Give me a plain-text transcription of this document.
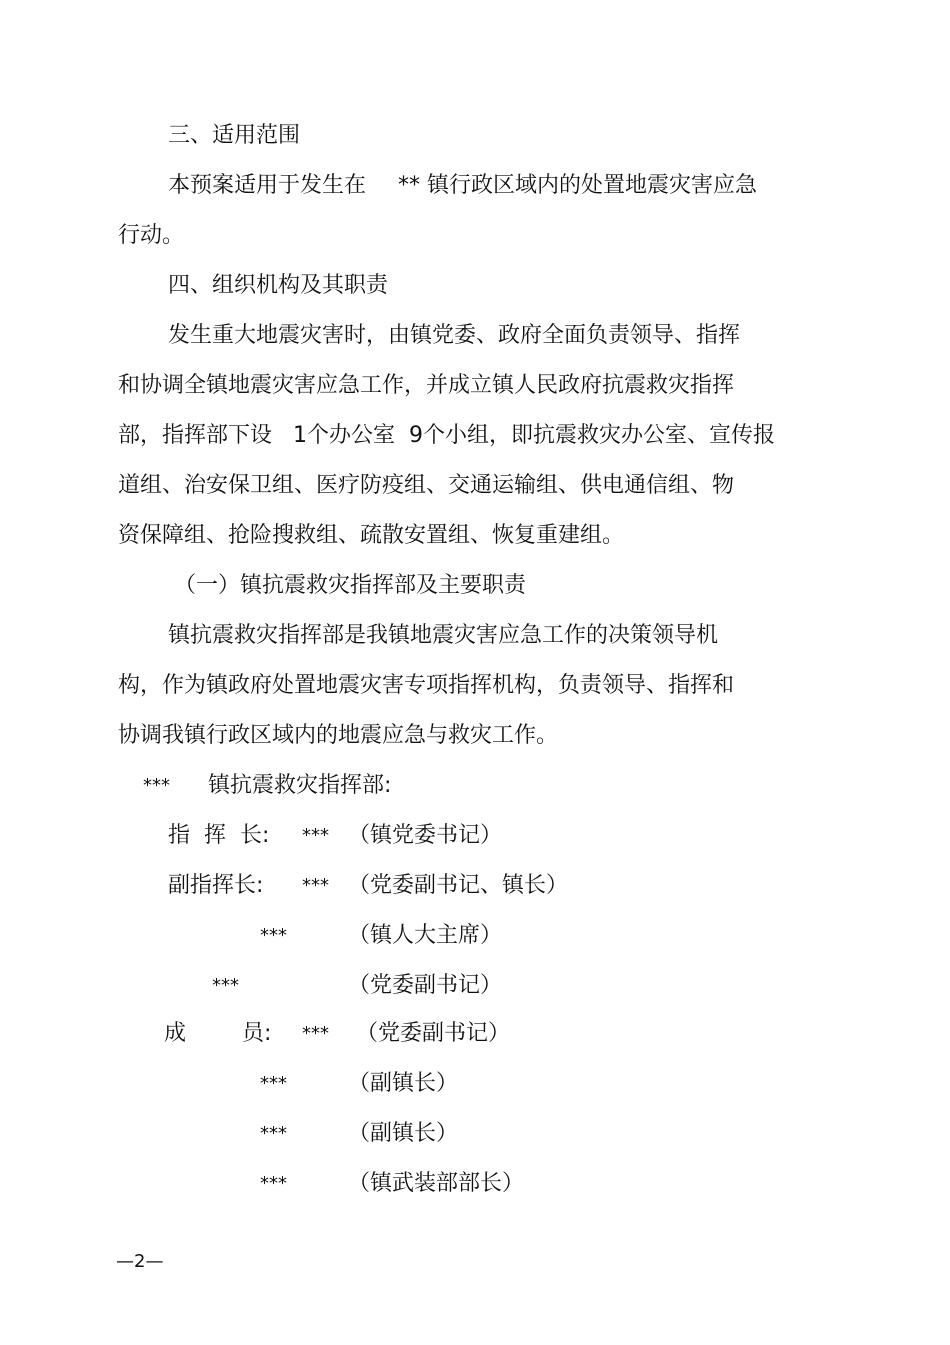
三、适用范围
本预案适用于发生在 ** 镇行政区域内的处置地震灾害应急
行动。
四、组织机构及其职责
发生重大地震灾害时，由镇党委、政府全面负责领导、指挥
和协调全镇地震灾害应急工作，并成立镇人民政府抗震救灾指挥
部，指挥部下设   1个办公室  9个小组，即抗震救灾办公室、宣传报
道组、治安保卫组、医疗防疫组、交通运输组、供电通信组、物
资保障组、抢险搜救组、疏散安置组、恢复重建组。
（一）镇抗震救灾指挥部及主要职责
镇抗震救灾指挥部是我镇地震灾害应急工作的决策领导机
构，作为镇政府处置地震灾害专项指挥机构，负责领导、指挥和
协调我镇行政区域内的地震应急与救灾工作。
*** 镇抗震救灾指挥部:
指  挥  长: *** （镇党委书记）
副指挥长: *** （党委副书记、镇长）
***	（镇人大主席）
***	（党委副书记）
成        员: *** （党委副书记）
***	（副镇长）
***	（副镇长）
***	（镇武装部部长）
—2—
